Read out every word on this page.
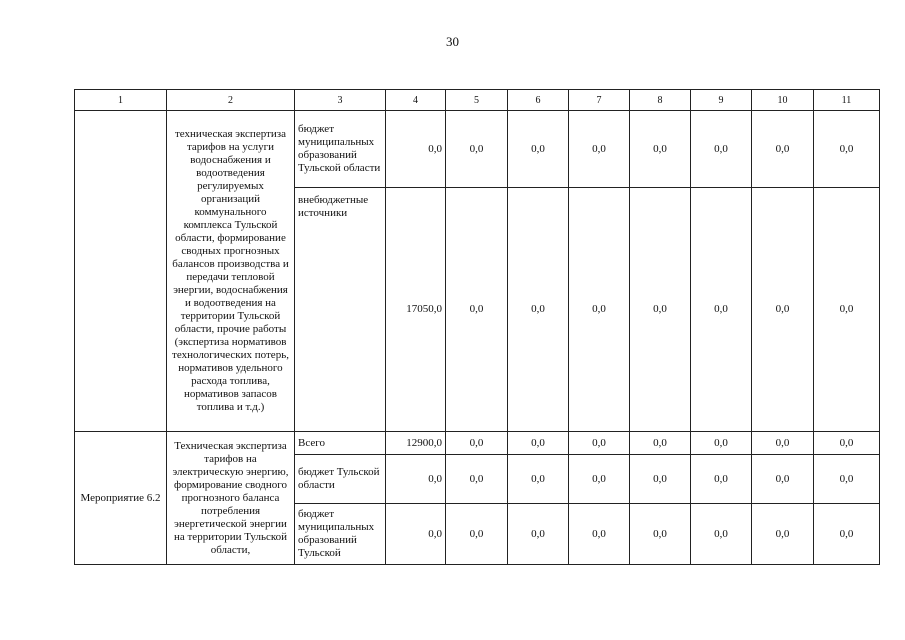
30
1	2	3	4	5	6	7	8	9	10	11
	техническая экспертиза тарифов на услуги водоснабжения и водоотведения регулируемых организаций коммунального комплекса Тульской области, формирование сводных прогнозных балансов производства и передачи тепловой энергии, водоснабжения и водоотведения на территории Тульской области, прочие работы (экспертиза нормативов технологических потерь, нормативов удельного расхода топлива, нормативов запасов топлива и т.д.)	бюджет муниципальных образований Тульской области	0,0	0,0	0,0	0,0	0,0	0,0	0,0	0,0
		внебюджетные источники	17050,0	0,0	0,0	0,0	0,0	0,0	0,0	0,0
Мероприятие 6.2	Техническая экспертиза тарифов на электрическую энергию, формирование сводного прогнозного баланса потребления энергетической энергии на территории Тульской области,	Всего	12900,0	0,0	0,0	0,0	0,0	0,0	0,0	0,0
		бюджет Тульской области	0,0	0,0	0,0	0,0	0,0	0,0	0,0	0,0
		бюджет муниципальных образований Тульской	0,0	0,0	0,0	0,0	0,0	0,0	0,0	0,0
